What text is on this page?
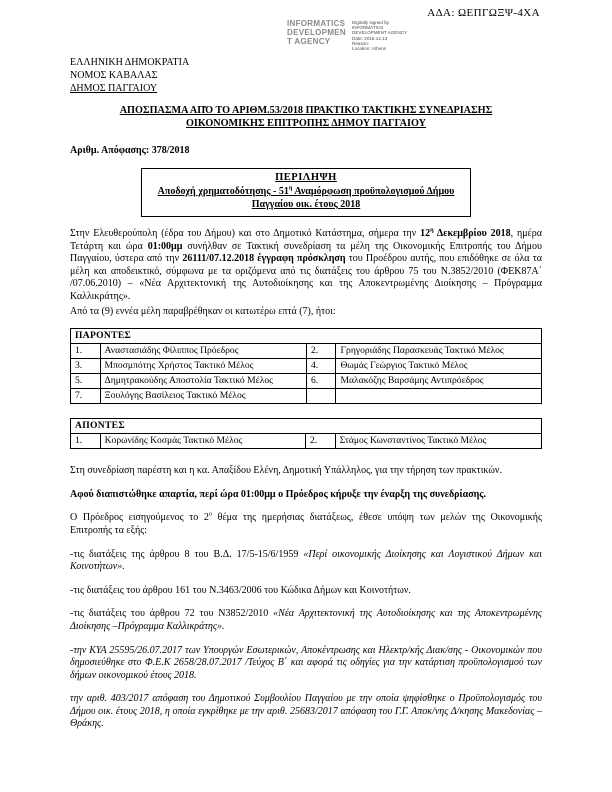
ΑΔΑ: ΩΕΠΓΩΞΨ-4ΧΑ
INFORMATICS
DEVELOPMEN
T AGENCY
Digitally signed by
INFORMATICS
DEVELOPMENT AGENCY
Date: 2018.12.13
Reason:
Location: Athens
ΕΛΛΗΝΙΚΗ ΔΗΜΟΚΡΑΤΙΑ
ΝΟΜΟΣ ΚΑΒΑΛΑΣ
ΔΗΜΟΣ ΠΑΓΓΑΙΟΥ
ΑΠΟΣΠΑΣΜΑ ΑΠΌ ΤΟ ΑΡΙΘΜ.53/2018 ΠΡΑΚΤΙΚΟ ΤΑΚΤΙΚΗΣ ΣΥΝΕΔΡΙΑΣΗΣ
ΟΙΚΟΝΟΜΙΚΗΣ ΕΠΙΤΡΟΠΗΣ ΔΗΜΟΥ ΠΑΓΓΑΙΟΥ
Αριθμ. Απόφασης: 378/2018
ΠΕΡΙΛΗΨΗ
Αποδοχή χρηματοδότησης - $51^\eta$ Αναμόρφωση προϋπολογισμού Δήμου Παγγαίου οικ. έτους 2018

Στην Ελευθερούπολη (έδρα του Δήμου) και στο Δημοτικό Κατάστημα, σήμερα την $12^\eta$ Δεκεμβρίου 2018, ημέρα Τετάρτη και ώρα 01:00μμ συνήλθαν σε Τακτική συνεδρίαση τα μέλη της Οικονομικής Επιτροπής του Δήμου Παγγαίου, ύστερα από την 26111/07.12.2018 έγγραφη πρόσκληση του Προέδρου αυτής, που επιδόθηκε σε όλα τα μέλη και αποδεικτικό, σύμφωνα με τα οριζόμενα από τις διατάξεις του άρθρου 75 του Ν.3852/2010 (ΦΕΚ87Α΄ /07.06.2010) – «Νέα Αρχιτεκτονική της Αυτοδιοίκησης και της Αποκεντρωμένης Διοίκησης – Πρόγραμμα Καλλικράτης».

Από τα (9) εννέα μέλη παραβρέθηκαν οι κατωτέρω επτά (7), ήτοι:

ΠΑΡΟΝΤΕΣ			
1.	Αναστασιάδης Φίλιππος Πρόεδρος	2.	Γρηγοριάδης Παρασκευάς Τακτικό Μέλος
3.	Μποσμπότης Χρήστος Τακτικό Μέλος	4.	Θωμάς Γεώργιος Τακτικό Μέλος
5.	Δημητρακούδης Αποστολία Τακτικό Μέλος	6.	Μαλακόζης Βαρσάμης Αντιπρόεδρος
7.	Ξουλόγης Βασίλειος Τακτικό Μέλος		
ΑΠΟΝΤΕΣ
1.	Κορωνίδης Κοσμάς Τακτικό Μέλος	2.	Στάμος Κωνσταντίνος Τακτικό Μέλος

Στη συνεδρίαση παρέστη και η κα. Απαξίδου Ελένη, Δημοτική Υπάλληλος, για την τήρηση των πρακτικών.

Αφού διαπιστώθηκε απαρτία, περί ώρα 01:00μμ ο Πρόεδρος κήρυξε την έναρξη της συνεδρίασης.

Ο Πρόεδρος εισηγούμενος το $2^o$ θέμα της ημερήσιας διατάξεως, έθεσε υπόψη των μελών της Οικονομικής Επιτροπής τα εξής:

-τις διατάξεις της άρθρου 8 του Β.Δ. 17/5-15/6/1959 «Περί οικονομικής Διοίκησης και Λογιστικού Δήμων και Κοινοτήτων».

-τις διατάξεις του άρθρου 161 του Ν.3463/2006 του Κώδικα Δήμων και Κοινοτήτων.

-τις διατάξεις του άρθρου 72 του Ν3852/2010 «Νέα Αρχιτεκτονική της Αυτοδιοίκησης και της Αποκεντρωμένης Διοίκησης –Πρόγραμμα Καλλικράτης».

-την ΚΥΑ 25595/26.07.2017 των Υπουργών Εσωτερικών, Αποκέντρωσης και Ηλεκτρ/κής Διακ/σης - Οικονομικών που δημοσιεύθηκε στο Φ.Ε.Κ 2658/28.07.2017 /Τεύχος Β΄ και αφορά τις οδηγίες για την κατάρτιση προϋπολογισμού των δήμων οικονομικού έτους 2018.

την αριθ. 403/2017 απόφαση του Δημοτικού Συμβουλίου Παγγαίου με την οποία ψηφίσθηκε ο Προϋπολογισμός του Δήμου οικ. έτους 2018, η οποία εγκρίθηκε με την αριθ. 25683/2017 απόφαση του Γ.Γ. Αποκ/νης Δ/κησης Μακεδονίας –Θράκης.
